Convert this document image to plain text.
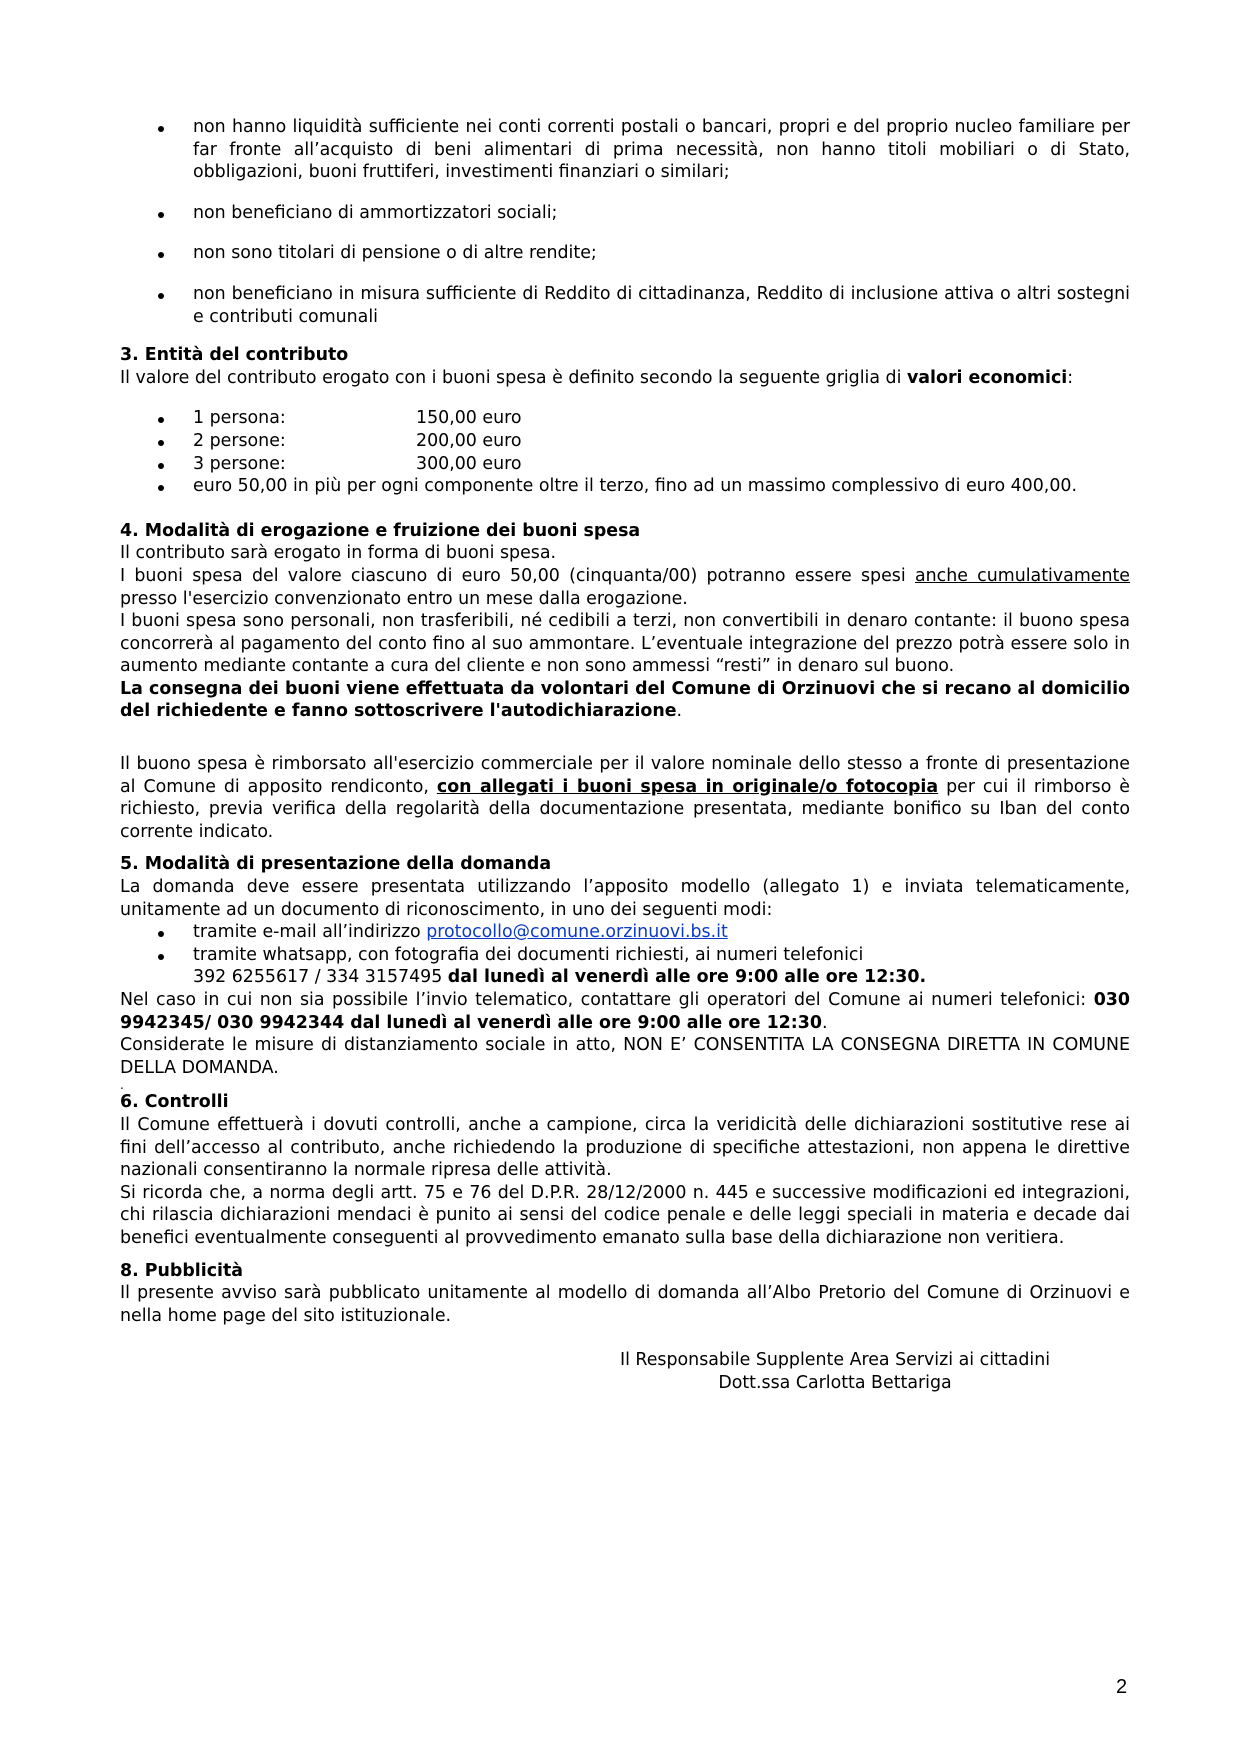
non hanno liquidità sufficiente nei conti correnti postali o bancari, propri e del proprio nucleo familiare per far fronte all’acquisto di beni alimentari di prima necessità, non hanno titoli mobiliari o di Stato, obbligazioni, buoni fruttiferi, investimenti finanziari o similari;
non beneficiano di ammortizzatori sociali;
non sono titolari di pensione o di altre rendite;
non beneficiano in misura sufficiente di Reddito di cittadinanza, Reddito di inclusione attiva o altri sostegni e contributi comunali

3. Entità del contributo

Il valore del contributo erogato con i buoni spesa è definito secondo la seguente griglia di valori economici:

1 persona:	150,00 euro
2 persone:	200,00 euro
3 persone:	300,00 euro
euro 50,00 in più per ogni componente oltre il terzo, fino ad un massimo complessivo di euro 400,00.

4. Modalità di erogazione e fruizione dei buoni spesa

Il contributo sarà erogato in forma di buoni spesa.

I buoni spesa del valore ciascuno di euro 50,00 (cinquanta/00) potranno essere spesi anche cumulativamente presso l'esercizio convenzionato entro un mese dalla erogazione.

I buoni spesa sono personali, non trasferibili, né cedibili a terzi, non convertibili in denaro contante: il buono spesa concorrerà al pagamento del conto fino al suo ammontare. L’eventuale integrazione del prezzo potrà essere solo in aumento mediante contante a cura del cliente e non sono ammessi “resti” in denaro sul buono.

La consegna dei buoni viene effettuata da volontari del Comune di Orzinuovi che si recano al domicilio del richiedente e fanno sottoscrivere l'autodichiarazione.

Il buono spesa è rimborsato all'esercizio commerciale per il valore nominale dello stesso a fronte di presentazione al Comune di apposito rendiconto, con allegati i buoni spesa in originale/o fotocopia per cui il rimborso è richiesto, previa verifica della regolarità della documentazione presentata, mediante bonifico su Iban del conto corrente indicato.

5. Modalità di presentazione della domanda

La domanda deve essere presentata utilizzando l’apposito modello (allegato 1) e inviata telematicamente, unitamente ad un documento di riconoscimento, in uno dei seguenti modi:

tramite e-mail all’indirizzo protocollo@comune.orzinuovi.bs.it
tramite whatsapp, con fotografia dei documenti richiesti, ai numeri telefonici
392 6255617 / 334 3157495 dal lunedì al venerdì alle ore 9:00 alle ore 12:30.

Nel caso in cui non sia possibile l’invio telematico, contattare gli operatori del Comune ai numeri telefonici: 030 9942345/ 030 9942344 dal lunedì al venerdì alle ore 9:00 alle ore 12:30.

Considerate le misure di distanziamento sociale in atto, NON E’ CONSENTITA LA CONSEGNA DIRETTA IN COMUNE DELLA DOMANDA.

.

6. Controlli

Il Comune effettuerà i dovuti controlli, anche a campione, circa la veridicità delle dichiarazioni sostitutive rese ai fini dell’accesso al contributo, anche richiedendo la produzione di specifiche attestazioni, non appena le direttive nazionali consentiranno la normale ripresa delle attività.

Si ricorda che, a norma degli artt. 75 e 76 del D.P.R. 28/12/2000 n. 445 e successive modificazioni ed integrazioni, chi rilascia dichiarazioni mendaci è punito ai sensi del codice penale e delle leggi speciali in materia e decade dai benefici eventualmente conseguenti al provvedimento emanato sulla base della dichiarazione non veritiera.

8. Pubblicità

Il presente avviso sarà pubblicato unitamente al modello di domanda all’Albo Pretorio del Comune di Orzinuovi e nella home page del sito istituzionale.

Il Responsabile Supplente Area Servizi ai cittadini

Dott.ssa Carlotta Bettariga

2
